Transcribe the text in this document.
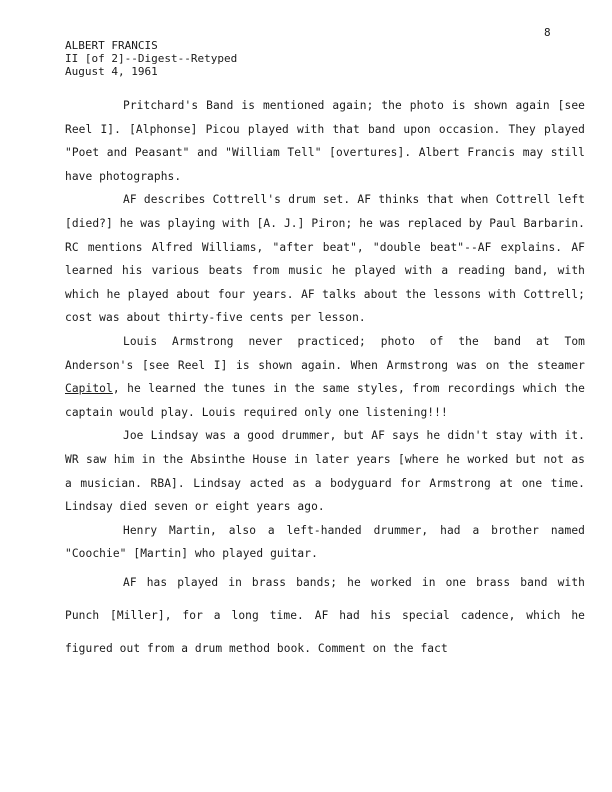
8
ALBERT FRANCIS
II [of 2]--Digest--Retyped
August 4, 1961

Pritchard's Band is mentioned again; the photo is shown again [see Reel I]. [Alphonse] Picou played with that band upon occasion. They played "Poet and Peasant" and "William Tell" [overtures]. Albert Francis may still have photographs.

AF describes Cottrell's drum set. AF thinks that when Cottrell left [died?] he was playing with [A. J.] Piron; he was replaced by Paul Barbarin. RC mentions Alfred Williams, "after beat", "double beat"--AF explains. AF learned his various beats from music he played with a reading band, with which he played about four years. AF talks about the lessons with Cottrell; cost was about thirty-five cents per lesson.

Louis Armstrong never practiced; photo of the band at Tom Anderson's [see Reel I] is shown again. When Armstrong was on the steamer Capitol, he learned the tunes in the same styles, from recordings which the captain would play. Louis required only one listening!!!

Joe Lindsay was a good drummer, but AF says he didn't stay with it. WR saw him in the Absinthe House in later years [where he worked but not as a musician. RBA]. Lindsay acted as a bodyguard for Armstrong at one time. Lindsay died seven or eight years ago.

Henry Martin, also a left-handed drummer, had a brother named "Coochie" [Martin] who played guitar.

AF has played in brass bands; he worked in one brass band with Punch [Miller], for a long time. AF had his special cadence, which he figured out from a drum method book. Comment on the fact
